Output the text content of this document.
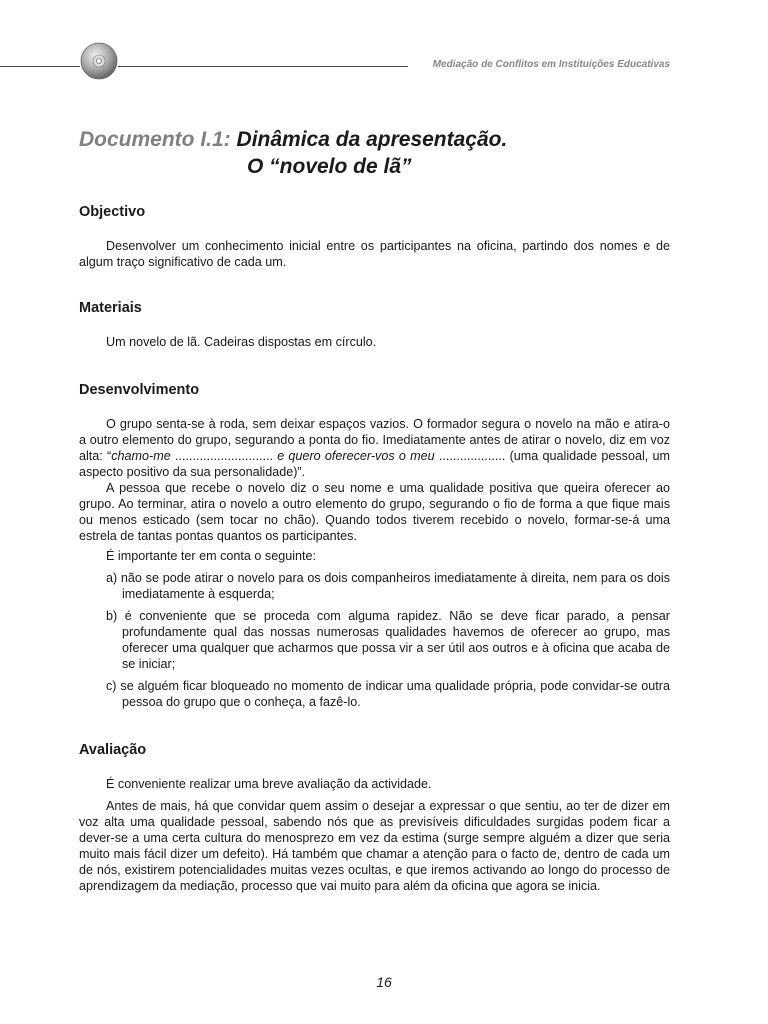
Mediação de Conflitos em Instituições Educativas
Documento I.1: Dinâmica da apresentação.
O “novelo de lã”
Objectivo

Desenvolver um conhecimento inicial entre os participantes na oficina, partindo dos nomes e de algum traço significativo de cada um.

Materiais

Um novelo de lã. Cadeiras dispostas em círculo.

Desenvolvimento

O grupo senta-se à roda, sem deixar espaços vazios. O formador segura o novelo na mão e atira-o a outro elemento do grupo, segurando a ponta do fio. Imediatamente antes de atirar o novelo, diz em voz alta: “chamo-me ............................ e quero oferecer-vos o meu ................... (uma qualidade pessoal, um aspecto positivo da sua personalidade)”.

A pessoa que recebe o novelo diz o seu nome e uma qualidade positiva que queira oferecer ao grupo. Ao terminar, atira o novelo a outro elemento do grupo, segurando o fio de forma a que fique mais ou menos esticado (sem tocar no chão). Quando todos tiverem recebido o novelo, formar-se-á uma estrela de tantas pontas quantos os participantes.

É importante ter em conta o seguinte:

a) não se pode atirar o novelo para os dois companheiros imediatamente à direita, nem para os dois imediatamente à esquerda;
b) é conveniente que se proceda com alguma rapidez. Não se deve ficar parado, a pensar profundamente qual das nossas numerosas qualidades havemos de oferecer ao grupo, mas oferecer uma qualquer que acharmos que possa vir a ser útil aos outros e à oficina que acaba de se iniciar;
c) se alguém ficar bloqueado no momento de indicar uma qualidade própria, pode convidar-se outra pessoa do grupo que o conheça, a fazê-lo.
Avaliação

É conveniente realizar uma breve avaliação da actividade.

Antes de mais, há que convidar quem assim o desejar a expressar o que sentiu, ao ter de dizer em voz alta uma qualidade pessoal, sabendo nós que as previsíveis dificuldades surgidas podem ficar a dever-se a uma certa cultura do menosprezo em vez da estima (surge sempre alguém a dizer que seria muito mais fácil dizer um defeito). Há também que chamar a atenção para o facto de, dentro de cada um de nós, existirem potencialidades muitas vezes ocultas, e que iremos activando ao longo do processo de aprendizagem da mediação, processo que vai muito para além da oficina que agora se inicia.

16
